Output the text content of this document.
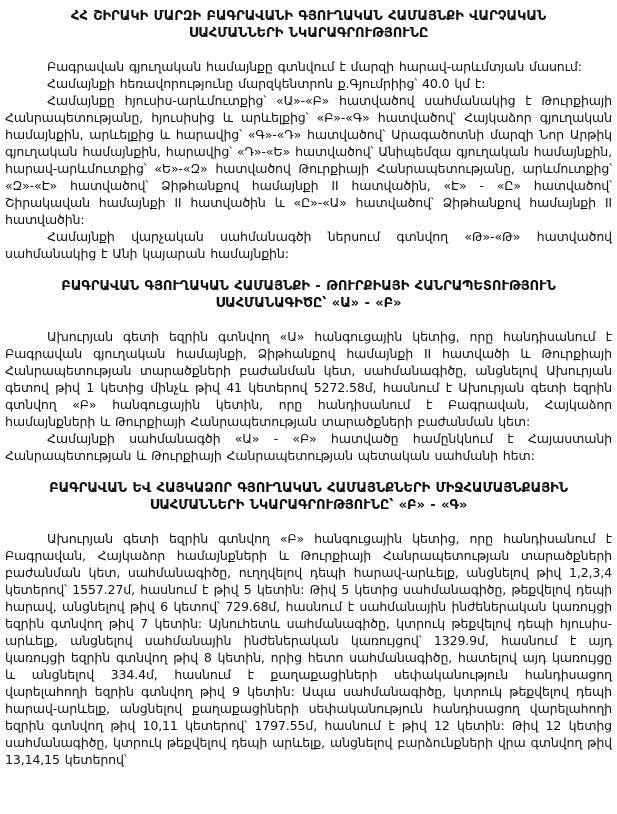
ՀՀ ՇԻՐԱԿԻ ՄԱՐԶԻ ԲԱԳՐԱՎԱՆԻ ԳՅՈՒՂԱԿԱՆ ՀԱՄԱՅՆՔԻ ՎԱՐՉԱԿԱՆ ՍԱՀՄԱՆՆԵՐԻ ՆԿԱՐԱԳՐՈՒԹՅՈՒՆԸ

Բագրավան գյուղական համայնքը գտնվում է մարզի հարավ-արևմտյան մասում:

Համայնքի հեռավորությունը մարզկենտրոն ք.Գյումրիից՝ 40.0 կմ է:

Համայնքը հյուսիս-արևմուտքից՝ «Ա»-«Բ» հատվածով սահմանակից է Թուրքիայի Հանրապետությանը, հյուսիսից և արևելքից՝ «Բ»-«Գ» հատվածով՝ Հայկաձոր գյուղական համայնքին, արևելքից և հարավից՝ «Գ»-«Դ» հատվածով՝ Արագածոտնի մարզի Նոր Արթիկ գյուղական համայնքին, հարավից՝ «Դ»-«Ե» հատվածով՝ Անիպեմզա գյուղական համայնքին, հարավ-արևմուտքից՝ «Ե»-«Զ» հատվածով Թուրքիայի Հանրապետությանը, արևմուտքից՝ «Զ»-«Է» հատվածով՝ Ձիթհանքով համայնքի II հատվածին, «Է» - «Ը» հատվածով՝ Շիրակավան համայնքի II հատվածին և «Ը»-«Ա» հատվածով՝ Ձիթհանքով համայնքի II հատվածին:

Համայնքի վարչական սահմանագծի ներսում գտնվող «Թ»-«Թ» հատվածով սահմանակից է Անի կայարան համայնքին:

ԲԱԳՐԱՎԱՆ ԳՅՈՒՂԱԿԱՆ ՀԱՄԱՅՆՔԻ - ԹՈՒՐՔԻԱՅԻ ՀԱՆՐԱՊԵՏՈՒԹՅՈՒՆ ՍԱՀՄԱՆԱԳԻԾԸ՝ «Ա» - «Բ»

Ախուրյան գետի եզրին գտնվող «Ա» հանգուցային կետից, որը հանդիսանում է Բագրավան գյուղական համայնքի, Ձիթհանքով համայնքի II հատվածի և Թուրքիայի Հանրապետության տարածքների բաժանման կետ, սահմանագիծը, անցնելով Ախուրյան գետով թիվ 1 կետից մինչև թիվ 41 կետերով 5272.58մ, հասնում է Ախուրյան գետի եզրին գտնվող «Բ» հանգուցային կետին, որը հանդիսանում է Բագրավան, Հայկաձոր համայնքների և Թուրքիայի Հանրապետության տարածքների բաժանման կետ:

Համայնքի սահմանագծի «Ա» - «Բ» հատվածը համընկնում է Հայաստանի Հանրապետության և Թուրքիայի Հանրապետության պետական սահմանի հետ:

ԲԱԳՐԱՎԱՆ ԵՎ ՀԱՅԿԱՁՈՐ ԳՅՈՒՂԱԿԱՆ ՀԱՄԱՅՆՔՆԵՐԻ ՄԻՋՀԱՄԱՅՆՔԱՅԻՆ ՍԱՀՄԱՆՆԵՐԻ ՆԿԱՐԱԳՐՈՒԹՅՈՒՆԸ՝ «Բ» - «Գ»

Ախուրյան գետի եզրին գտնվող «Բ» հանգուցային կետից, որը հանդիսանում է Բագրավան, Հայկաձոր համայնքների և Թուրքիայի Հանրապետության տարածքների բաժանման կետ, սահմանագիծը, ուղղվելով դեպի հարավ-արևելք, անցնելով թիվ 1,2,3,4 կետերով՝ 1557.27մ, հասնում է թիվ 5 կետին: Թիվ 5 կետից սահմանագիծը, թեքվելով դեպի հարավ, անցնելով թիվ 6 կետով՝ 729.68մ, հասնում է սահմանային ինժեներական կառույցի եզրին գտնվող թիվ 7 կետին: Այնուհետև սահմանագիծը, կտրուկ թեքվելով դեպի հյուսիս-արևելք, անցնելով սահմանային ինժեներական կառույցով՝ 1329.9մ, հասնում է այդ կառույցի եզրին գտնվող թիվ 8 կետին, որից հետո սահմանագիծը, հատելով այդ կառույցը և անցնելով 334.4մ, հասնում է քաղաքացիների սեփականություն հանդիսացող վարելահողի եզրին գտնվող թիվ 9 կետին: Ապա սահմանագիծը, կտրուկ թեքվելով դեպի հարավ-արևելք, անցնելով քաղաքացիների սեփականություն հանդիսացող վարելահողի եզրին գտնվող թիվ 10,11 կետերով՝ 1797.55մ, հասնում է թիվ 12 կետին: Թիվ 12 կետից սահմանագիծը, կտրուկ թեքվելով դեպի արևելք, անցնելով բարձունքների վրա գտնվող թիվ 13,14,15 կետերով՝
